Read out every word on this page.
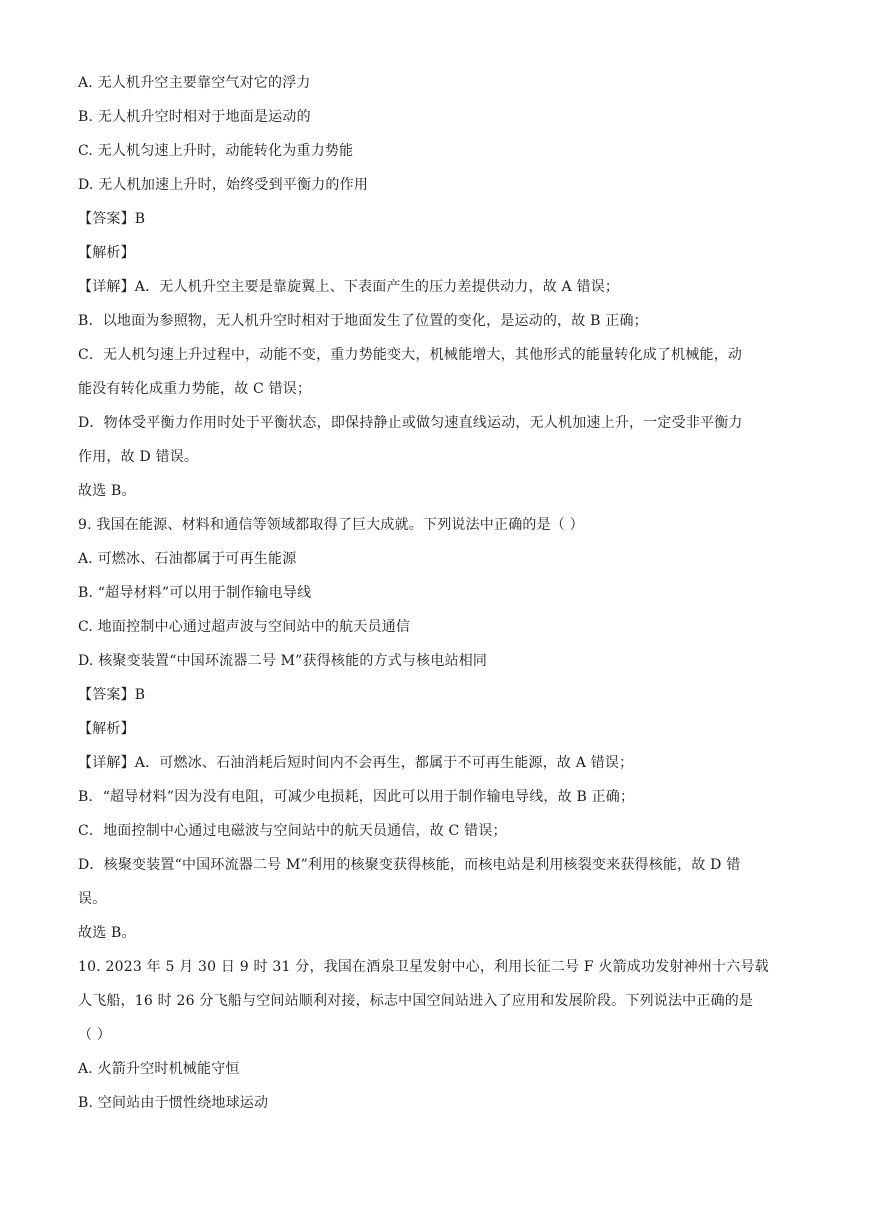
A. 无人机升空主要靠空气对它的浮力
B. 无人机升空时相对于地面是运动的
C. 无人机匀速上升时，动能转化为重力势能
D. 无人机加速上升时，始终受到平衡力的作用
【答案】B
【解析】
【详解】A．无人机升空主要是靠旋翼上、下表面产生的压力差提供动力，故 A 错误；
B．以地面为参照物，无人机升空时相对于地面发生了位置的变化，是运动的，故 B 正确；
C．无人机匀速上升过程中，动能不变，重力势能变大，机械能增大，其他形式的能量转化成了机械能，动
能没有转化成重力势能，故 C 错误；
D．物体受平衡力作用时处于平衡状态，即保持静止或做匀速直线运动，无人机加速上升，一定受非平衡力
作用，故 D 错误。
故选 B。
9. 我国在能源、材料和通信等领域都取得了巨大成就。下列说法中正确的是（ ）
A. 可燃冰、石油都属于可再生能源
B. “超导材料”可以用于制作输电导线
C. 地面控制中心通过超声波与空间站中的航天员通信
D. 核聚变装置“中国环流器二号 M”获得核能的方式与核电站相同
【答案】B
【解析】
【详解】A．可燃冰、石油消耗后短时间内不会再生，都属于不可再生能源，故 A 错误；
B．“超导材料”因为没有电阻，可减少电损耗，因此可以用于制作输电导线，故 B 正确；
C．地面控制中心通过电磁波与空间站中的航天员通信，故 C 错误；
D．核聚变装置“中国环流器二号 M”利用的核聚变获得核能，而核电站是利用核裂变来获得核能，故 D 错
误。
故选 B。
10. 2023 年 5 月 30 日 9 时 31 分，我国在酒泉卫星发射中心，利用长征二号 F 火箭成功发射神州十六号载
人飞船，16 时 26 分飞船与空间站顺利对接，标志中国空间站进入了应用和发展阶段。下列说法中正确的是
（ ）
A. 火箭升空时机械能守恒
B. 空间站由于惯性绕地球运动
